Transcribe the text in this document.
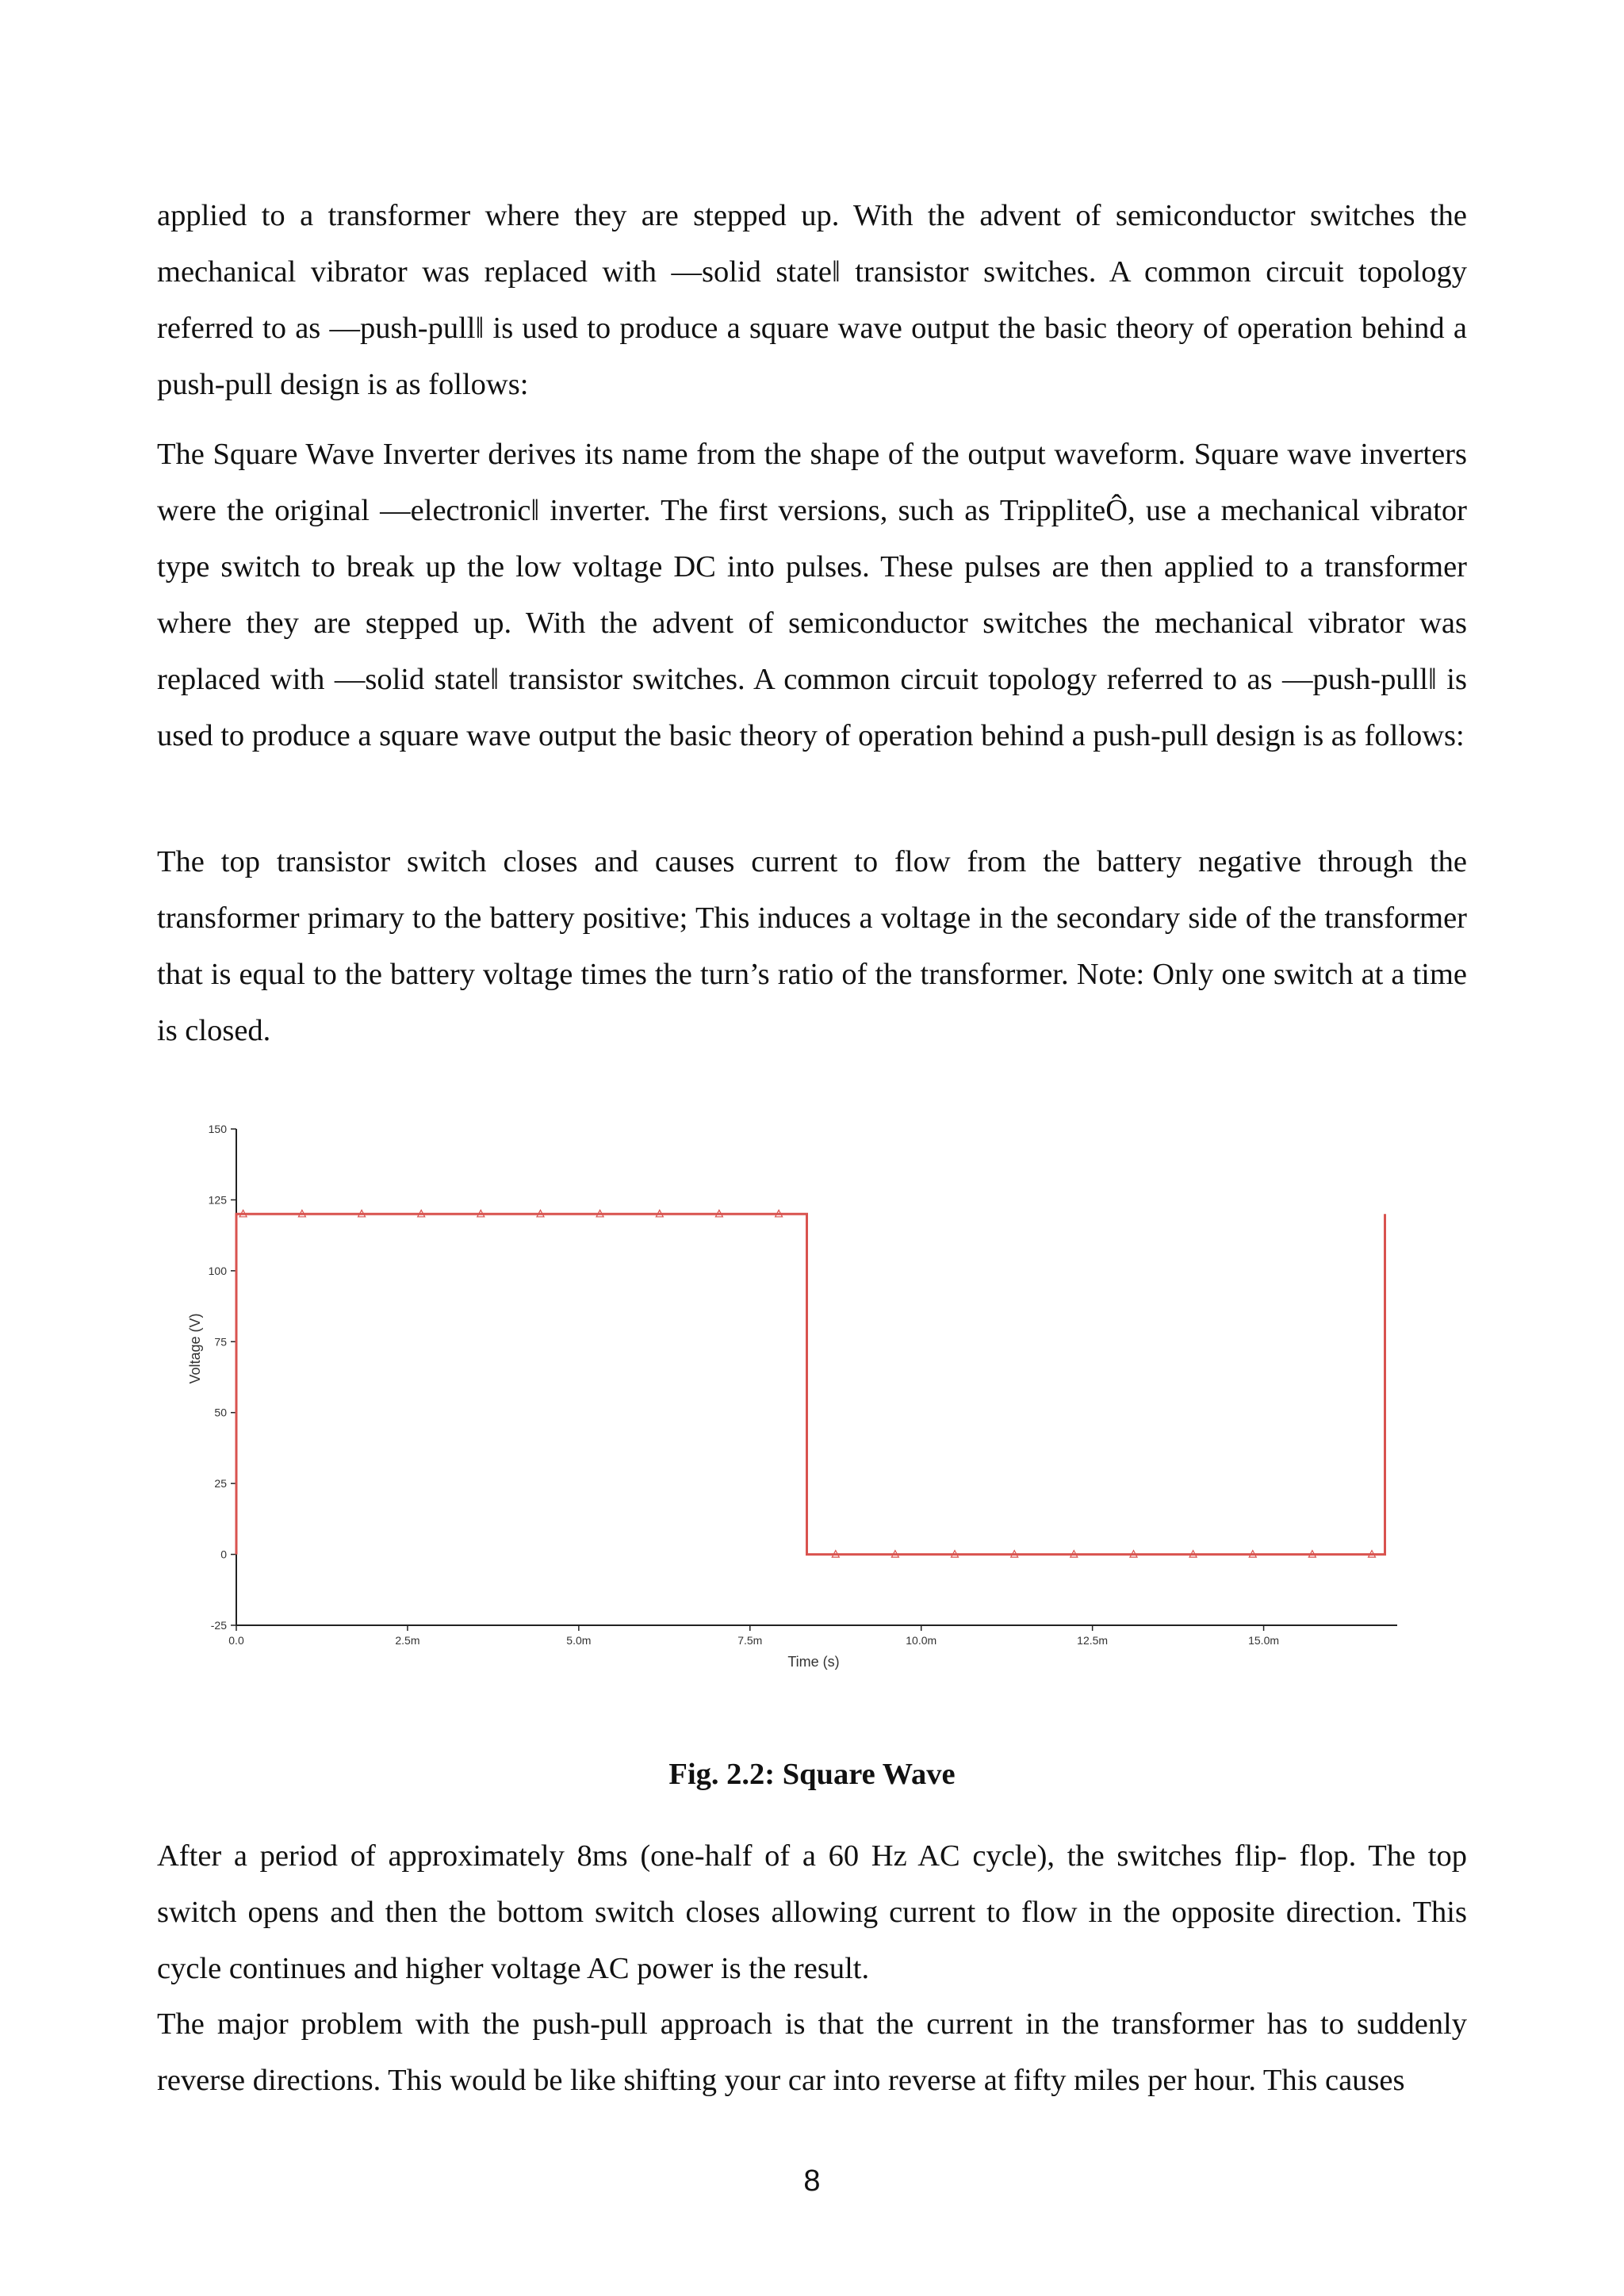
applied to a transformer where they are stepped up. With the advent of semiconductor switches the mechanical vibrator was replaced with ―solid state‖ transistor switches. A common circuit topology referred to as ―push-pull‖ is used to produce a square wave output the basic theory of operation behind a push-pull design is as follows:

The Square Wave Inverter derives its name from the shape of the output waveform. Square wave inverters were the original ―electronic‖ inverter. The first versions, such as TripplitеÔ, use a mechanical vibrator type switch to break up the low voltage DC into pulses. These pulses are then applied to a transformer where they are stepped up. With the advent of semiconductor switches the mechanical vibrator was replaced with ―solid state‖ transistor switches. A common circuit topology referred to as ―push-pull‖ is used to produce a square wave output the basic theory of operation behind a push-pull design is as follows:

The top transistor switch closes and causes current to flow from the battery negative through the transformer primary to the battery positive; This induces a voltage in the secondary side of the transformer that is equal to the battery voltage times the turn’s ratio of the transformer. Note: Only one switch at a time is closed.

-25
0
25
50
75
100
125
150
0.0	2.5m	5.0m	7.5m	10.0m	12.5m	15.0m
Time (s)
Voltage (V)
Fig. 2.2: Square Wave

After a period of approximately 8ms (one-half of a 60 Hz AC cycle), the switches flip- flop. The top switch opens and then the bottom switch closes allowing current to flow in the opposite direction. This cycle continues and higher voltage AC power is the result.

The major problem with the push-pull approach is that the current in the transformer has to suddenly reverse directions. This would be like shifting your car into reverse at fifty miles per hour. This causes

8
